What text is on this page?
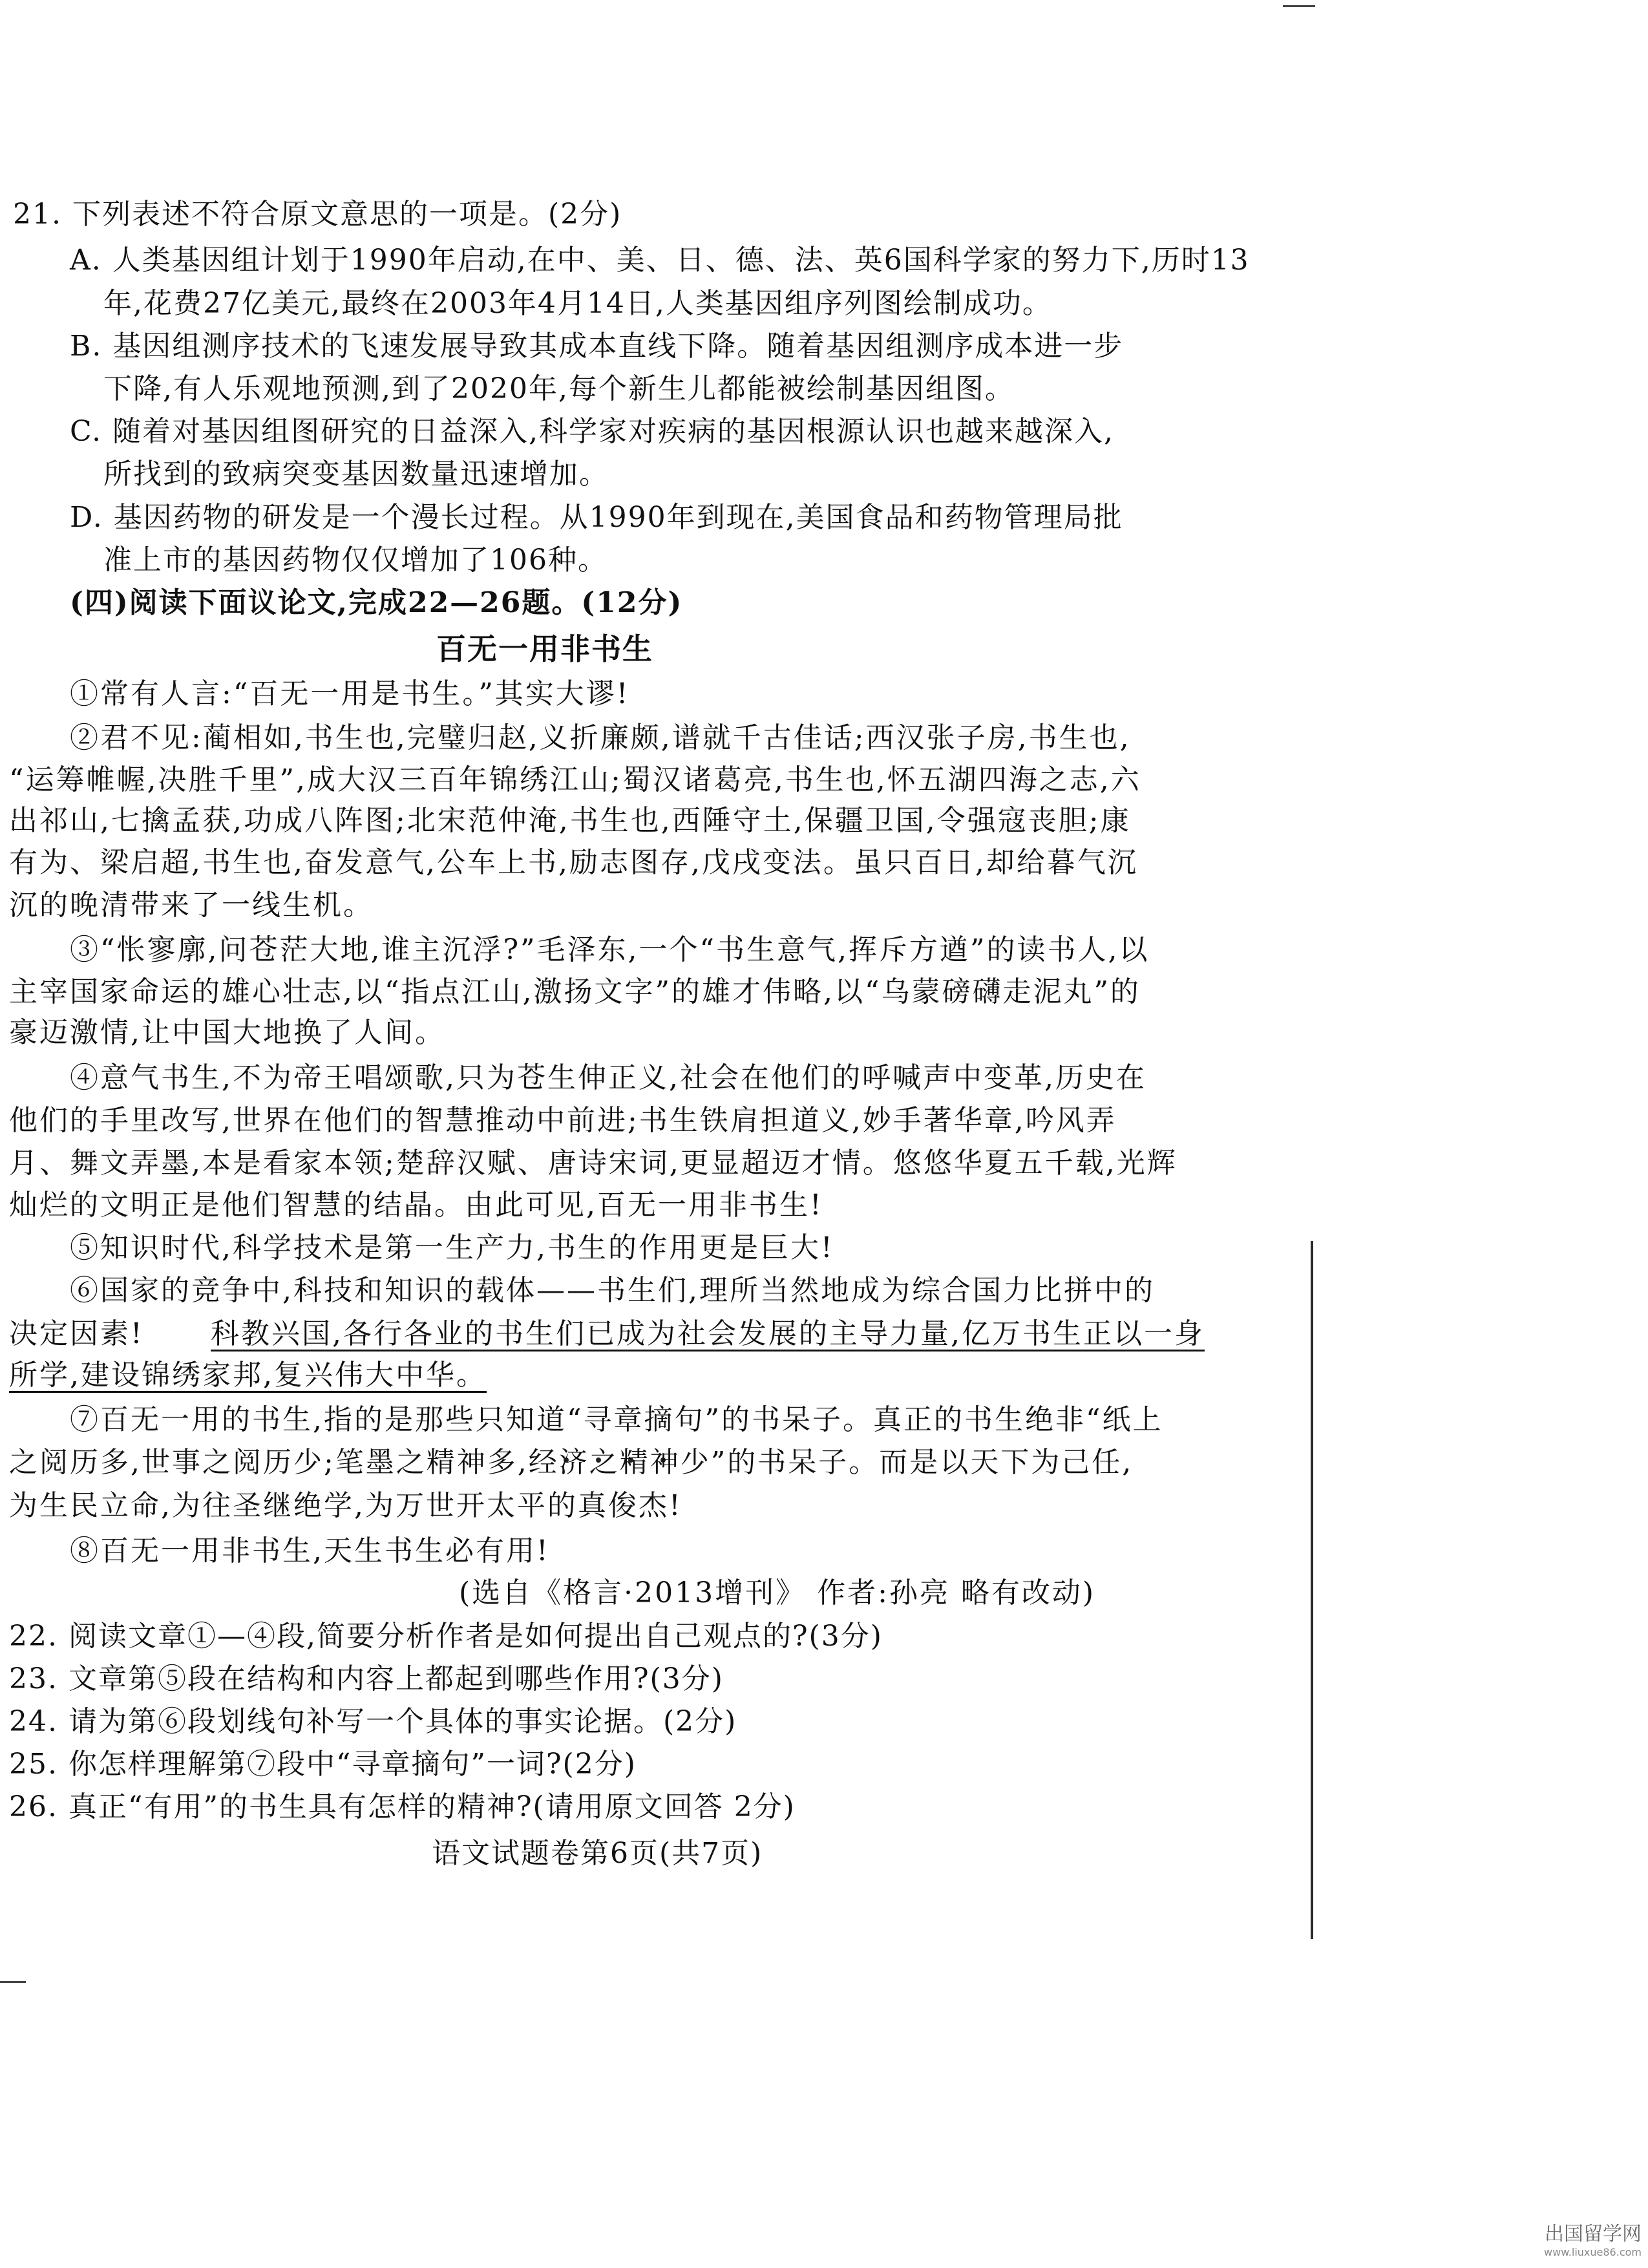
21. 下列表述不符合原文意思的一项是。(2分)
A. 人类基因组计划于1990年启动,在中、美、日、德、法、英6国科学家的努力下,历时13
年,花费27亿美元,最终在2003年4月14日,人类基因组序列图绘制成功。
B. 基因组测序技术的飞速发展导致其成本直线下降。随着基因组测序成本进一步
下降,有人乐观地预测,到了2020年,每个新生儿都能被绘制基因组图。
C. 随着对基因组图研究的日益深入,科学家对疾病的基因根源认识也越来越深入,
所找到的致病突变基因数量迅速增加。
D. 基因药物的研发是一个漫长过程。从1990年到现在,美国食品和药物管理局批
准上市的基因药物仅仅增加了106种。
(四)阅读下面议论文,完成22—26题。(12分)
百无一用非书生
①常有人言:“百无一用是书生。”其实大谬!
②君不见:蔺相如,书生也,完璧归赵,义折廉颇,谱就千古佳话;西汉张子房,书生也,
“运筹帷幄,决胜千里”,成大汉三百年锦绣江山;蜀汉诸葛亮,书生也,怀五湖四海之志,六
出祁山,七擒孟获,功成八阵图;北宋范仲淹,书生也,西陲守土,保疆卫国,令强寇丧胆;康
有为、梁启超,书生也,奋发意气,公车上书,励志图存,戊戌变法。虽只百日,却给暮气沉
沉的晚清带来了一线生机。
③“怅寥廓,问苍茫大地,谁主沉浮?”毛泽东,一个“书生意气,挥斥方遒”的读书人,以
主宰国家命运的雄心壮志,以“指点江山,激扬文字”的雄才伟略,以“乌蒙磅礴走泥丸”的
豪迈激情,让中国大地换了人间。
④意气书生,不为帝王唱颂歌,只为苍生伸正义,社会在他们的呼喊声中变革,历史在
他们的手里改写,世界在他们的智慧推动中前进;书生铁肩担道义,妙手著华章,吟风弄
月、舞文弄墨,本是看家本领;楚辞汉赋、唐诗宋词,更显超迈才情。悠悠华夏五千载,光辉
灿烂的文明正是他们智慧的结晶。由此可见,百无一用非书生!
⑤知识时代,科学技术是第一生产力,书生的作用更是巨大!
⑥国家的竞争中,科技和知识的载体——书生们,理所当然地成为综合国力比拼中的
决定因素! 科教兴国,各行各业的书生们已成为社会发展的主导力量,亿万书生正以一身
所学,建设锦绣家邦,复兴伟大中华。
⑦百无一用的书生,指的是那些只知道“寻章摘句”的书呆子。真正的书生绝非“纸上
之阅历多,世事之阅历少;笔墨之精神多,经济之精神少”的书呆子。而是以天下为己任,
为生民立命,为往圣继绝学,为万世开太平的真俊杰!
⑧百无一用非书生,天生书生必有用!
(选自《格言·2013增刊》 作者:孙亮 略有改动)
22. 阅读文章①—④段,简要分析作者是如何提出自己观点的?(3分)
23. 文章第⑤段在结构和内容上都起到哪些作用?(3分)
24. 请为第⑥段划线句补写一个具体的事实论据。(2分)
25. 你怎样理解第⑦段中“寻章摘句”一词?(2分)
26. 真正“有用”的书生具有怎样的精神?(请用原文回答 2分)
语文试题卷第6页(共7页)
出国留学网
www.liuxue86.com
